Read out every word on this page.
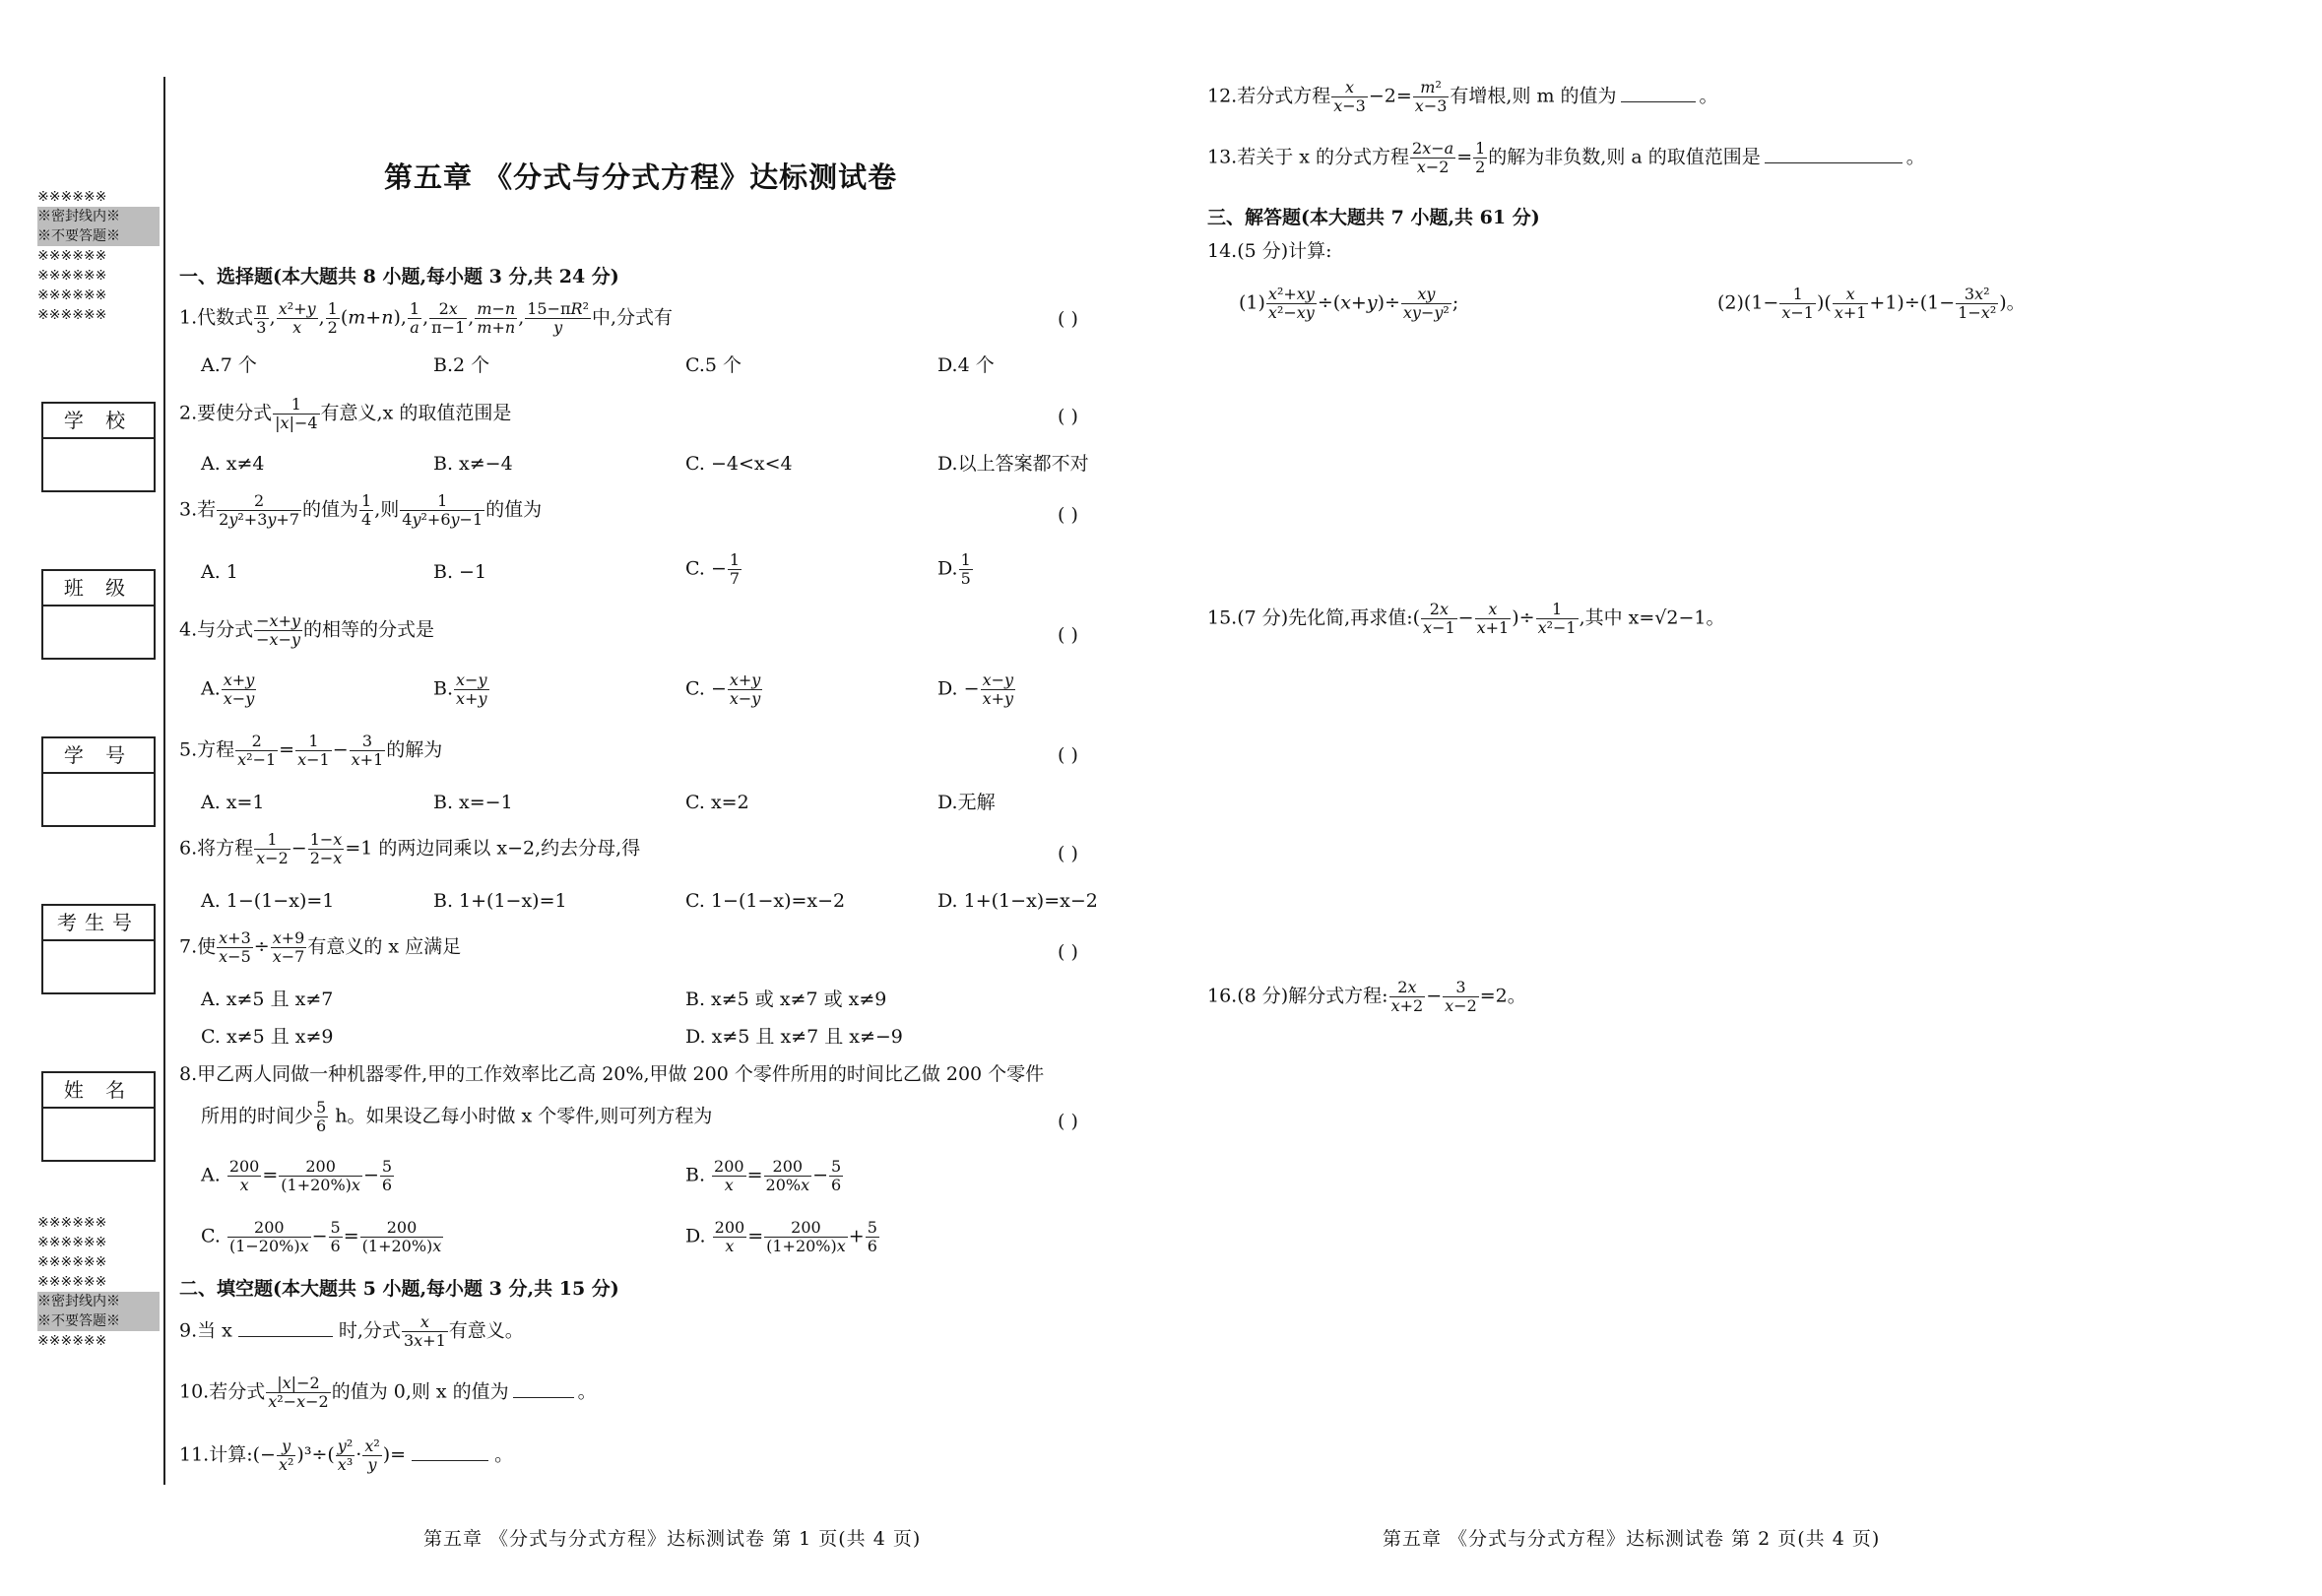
※※※※※※
※密封线内※
※不要答题※
※※※※※※
※※※※※※
※※※※※※
※※※※※※
※※※※※※
※※※※※※
※※※※※※
※※※※※※
※密封线内※
※不要答题※
※※※※※※
学 校
班 级
学 号
考生号
姓 名
第五章 《分式与分式方程》达标测试卷
一、选择题(本大题共 8 小题,每小题 3 分,共 24 分)
1.代数式 $\frac{\pi}{3}$ , $\frac{\text{x²+y}}{x}$ , $\frac{1}{2} (m+n)$, $\frac{1}{a}$ , $\frac{2x}{\pi-1}$ , $\frac{m-n}{m+n}$ , $\frac{\text{15−πR²}}{y}$ 中,分式有	( )
A.7 个	B.2 个	C.5 个	D.4 个
2.要使分式 $\frac{1}{|x|-4}$ 有意义,x 的取值范围是	( )
A. x≠4	B. x≠−4	C. −4<x<4	D.以上答案都不对
3.若 $\frac{2}{\text{2y²+3y+7}}$ 的值为 $\frac{1}{4}$ ,则 $\frac{1}{\text{4y²+6y−1}}$ 的值为	( )
A. 1	B. −1	C. − $\frac{1}{7}$	D. $\frac{1}{5}$
4.与分式 $\frac{-x+y}{-x-y}$ 的相等的分式是	( )
A. $\frac{x+y}{x-y}$	B. $\frac{x-y}{x+y}$	C. − $\frac{x+y}{x-y}$	D. − $\frac{x-y}{x+y}$
5.方程 $\frac{2}{\text{x²−1}} = \frac{1}{x-1} - \frac{3}{x+1}$ 的解为	( )
A. x=1	B. x=−1	C. x=2	D.无解
6.将方程 $\frac{1}{x-2} - \frac{1-x}{2-x} =1$ 的两边同乘以 x−2,约去分母,得	( )
A. 1−(1−x)=1	B. 1+(1−x)=1	C. 1−(1−x)=x−2	D. 1+(1−x)=x−2
7.使 $\frac{x+3}{x-5} \div \frac{x+9}{x-7}$ 有意义的 x 应满足	( )
A. x≠5 且 x≠7	B. x≠5 或 x≠7 或 x≠9
C. x≠5 且 x≠9	D. x≠5 且 x≠7 且 x≠−9
8.甲乙两人同做一种机器零件,甲的工作效率比乙高 20%,甲做 200 个零件所用的时间比乙做 200 个零件
所用的时间少 $\frac{5}{6}$ h。如果设乙每小时做 x 个零件,则可列方程为	( )
A. $\frac{200}{x} = \frac{200}{(1+20\%)x} - \frac{5}{6}$	B. $\frac{200}{x} = \frac{200}{20\%x} - \frac{5}{6}$
C. $\frac{200}{(1-20\%)x} - \frac{5}{6} = \frac{200}{(1+20\%)x}$	D. $\frac{200}{x} = \frac{200}{(1+20\%)x} + \frac{5}{6}$
二、填空题(本大题共 5 小题,每小题 3 分,共 15 分)
9.当 x	时,分式 $\frac{x}{3x+1}$ 有意义。
10.若分式 $\frac{|x|-2}{\text{x²−x−2}}$ 的值为 0,则 x 的值为	。
11.计算:(− $\frac{y}{\text{x²}} )^3\div( \frac{\text{y²}}{\text{x³}} \cdot \frac{\text{x²}}{y}$ )=	。
第五章 《分式与分式方程》达标测试卷 第 1 页(共 4 页)
12.若分式方程 $\frac{x}{x-3} -2= \frac{\text{m²}}{x-3}$ 有增根,则 m 的值为	。
13.若关于 x 的分式方程 $\frac{2x-a}{x-2} = \frac{1}{2}$ 的解为非负数,则 a 的取值范围是	。
三、解答题(本大题共 7 小题,共 61 分)
14.(5 分)计算:
$(1) \frac{\text{x²+xy}}{\text{x²−xy}} \div(x+y)\div \frac{xy}{\text{xy−y²}}$ ;	$(2)(1- \frac{1}{x-1}$ )( $\frac{x}{x+1} +1)\div(1- \frac{\text{3x²}}{\text{1−x²}}$ )。
15.(7 分)先化简,再求值:( $\frac{2x}{x-1} - \frac{x}{x+1}$ )÷ $\frac{1}{\text{x²−1}}$ ,其中 x=√2−1。
16.(8 分)解分式方程: $\frac{2x}{x+2} - \frac{3}{x-2} =2$。
第五章 《分式与分式方程》达标测试卷 第 2 页(共 4 页)
